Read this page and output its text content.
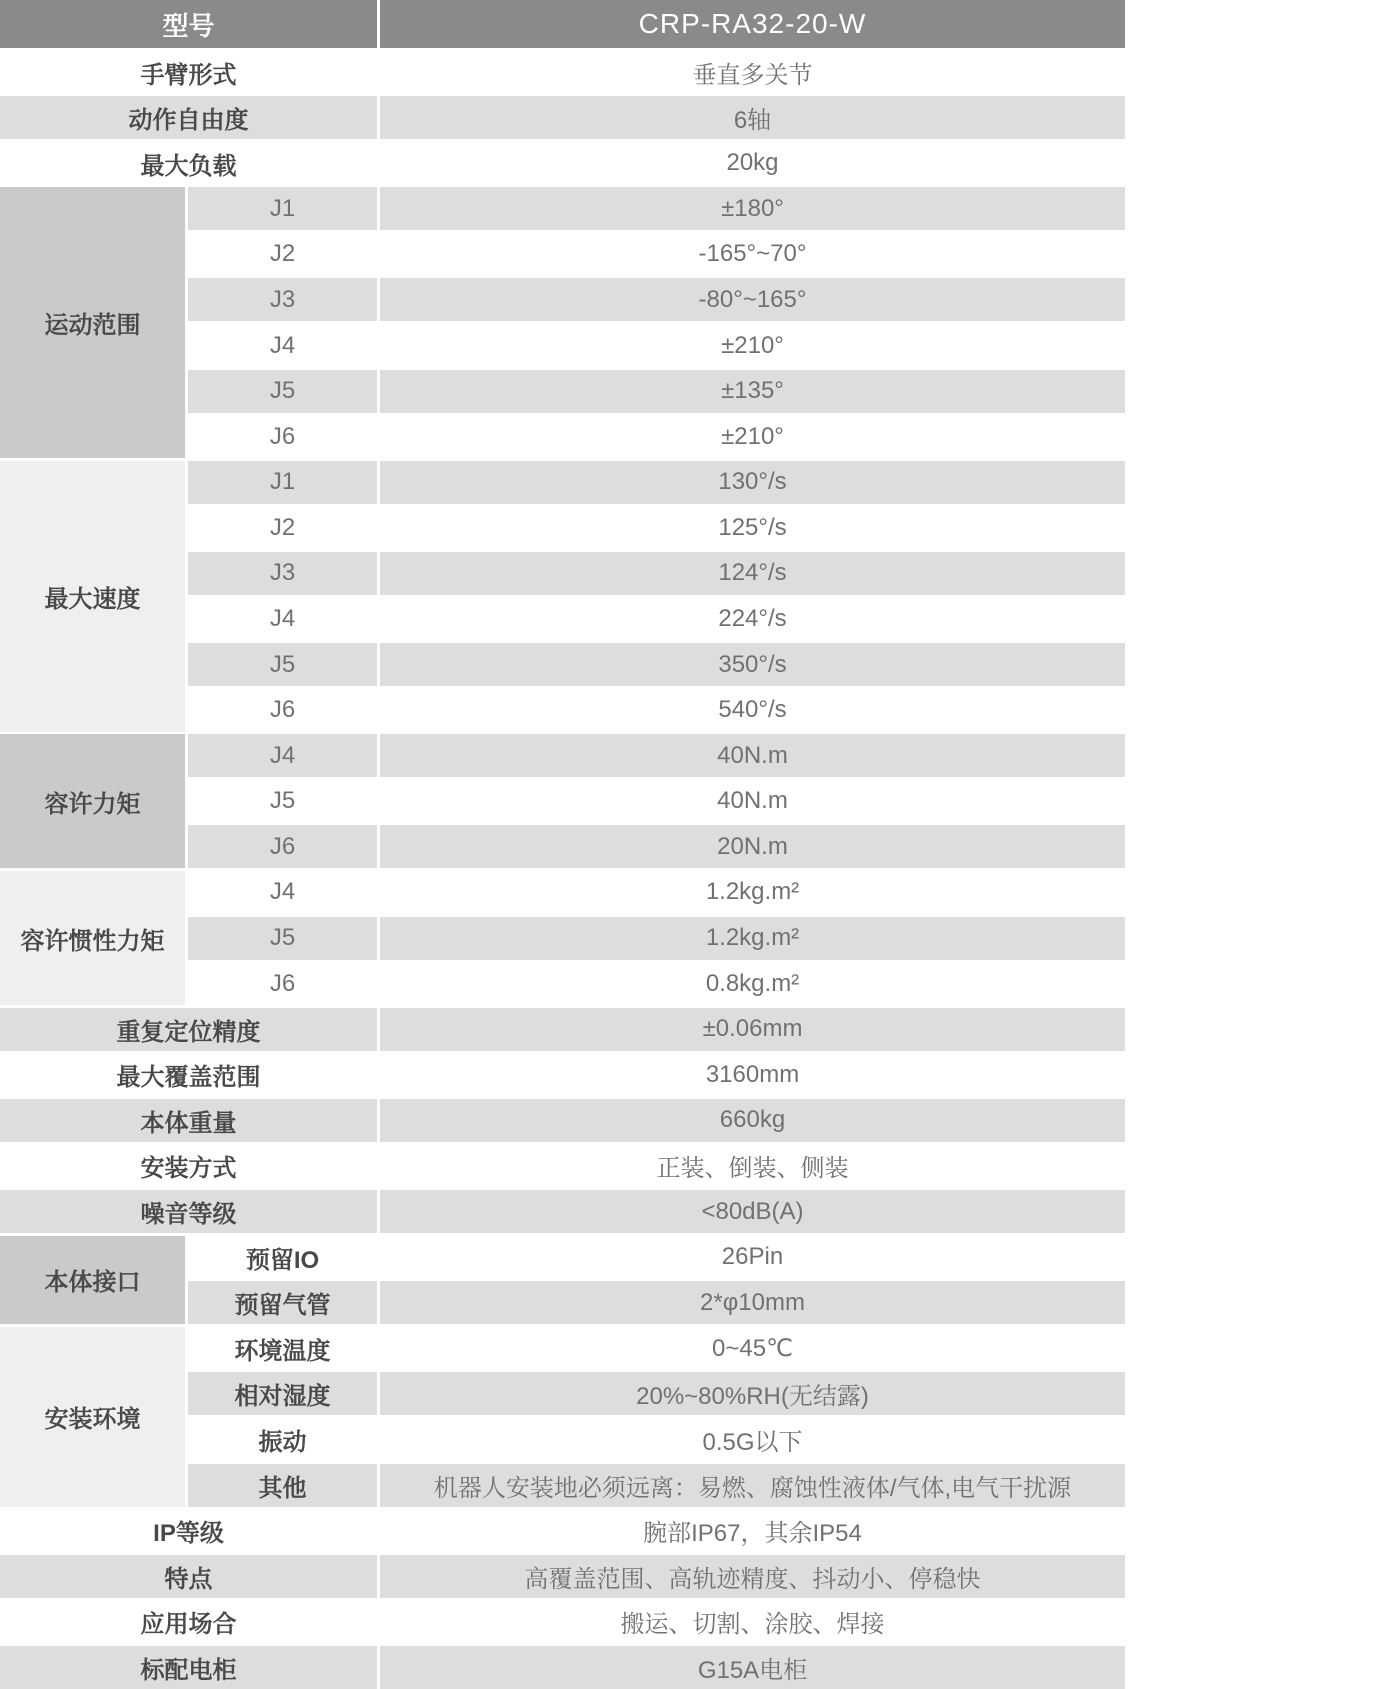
型号	CRP-RA32-20-W
手臂形式	垂直多关节
动作自由度	6轴
最大负载	20kg
运动范围
J1	±180°
J2	-165°~70°
J3	-80°~165°
J4	±210°
J5	±135°
J6	±210°
最大速度
J1	130°/s
J2	125°/s
J3	124°/s
J4	224°/s
J5	350°/s
J6	540°/s
容许力矩
J4	40N.m
J5	40N.m
J6	20N.m
容许惯性力矩
J4	1.2kg.m²
J5	1.2kg.m²
J6	0.8kg.m²
重复定位精度	±0.06mm
最大覆盖范围	3160mm
本体重量	660kg
安装方式	正装、倒装、侧装
噪音等级	<80dB(A)
本体接口
预留IO	26Pin
预留气管	2*φ10mm
安装环境
环境温度	0~45℃
相对湿度	20%~80%RH(无结露)
振动	0.5G以下
其他	机器人安装地必须远离：易燃、腐蚀性液体/气体,电气干扰源
IP等级	腕部IP67，其余IP54
特点	高覆盖范围、高轨迹精度、抖动小、停稳快
应用场合	搬运、切割、涂胶、焊接
标配电柜	G15A电柜
